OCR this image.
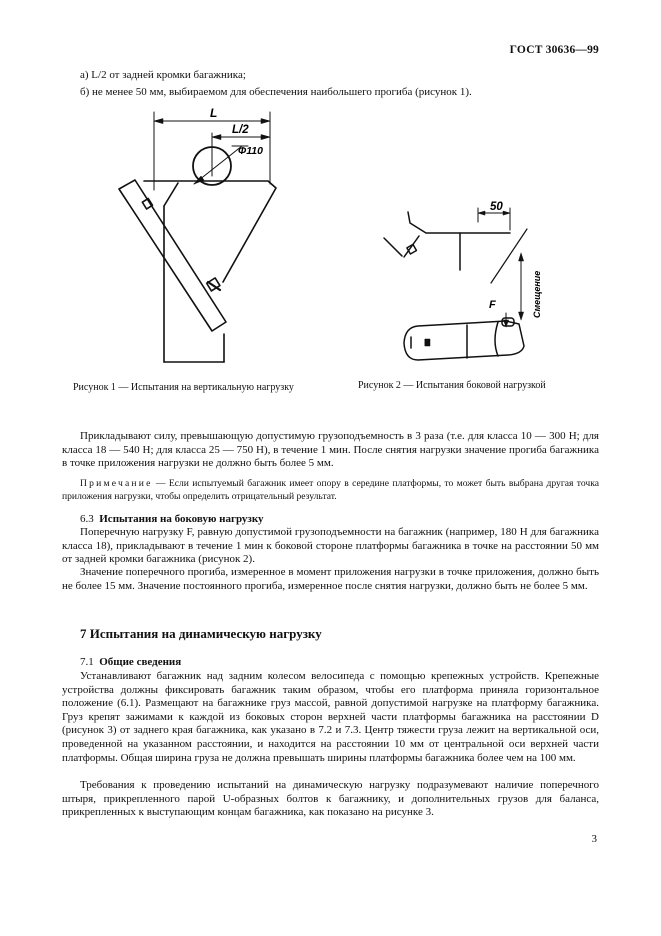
ГОСТ 30636—99
а) L/2 от задней кромки багажника;
б) не менее 50 мм, выбираемом для обеспечения наибольшего прогиба (рисунок 1).
L
L/2
Ф110
50
F	Смещение
Рисунок 1 — Испытания на вертикальную нагрузку	Рисунок 2 — Испытания боковой нагрузкой

Прикладывают силу, превышающую допустимую грузоподъемность в 3 раза (т.е. для класса 10 — 300 Н; для класса 18 — 540 Н; для класса 25 — 750 Н), в течение 1 мин. После снятия нагрузки значение прогиба багажника в точке приложения нагрузки не должно быть более 5 мм.

Примечание — Если испытуемый багажник имеет опору в середине платформы, то может быть выбрана другая точка приложения нагрузки, чтобы определить отрицательный результат.

6.3 Испытания на боковую нагрузку

Поперечную нагрузку F, равную допустимой грузоподъемности на багажник (например, 180 Н для багажника класса 18), прикладывают в течение 1 мин к боковой стороне платформы багажника в точке на расстоянии 50 мм от задней кромки багажника (рисунок 2).

Значение поперечного прогиба, измеренное в момент приложения нагрузки в точке приложения, должно быть не более 15 мм. Значение постоянного прогиба, измеренное после снятия нагрузки, должно быть не более 5 мм.

7 Испытания на динамическую нагрузку
7.1 Общие сведения

Устанавливают багажник над задним колесом велосипеда с помощью крепежных устройств. Крепежные устройства должны фиксировать багажник таким образом, чтобы его платформа приняла горизонтальное положение (6.1). Размещают на багажнике груз массой, равной допустимой нагрузке на платформу багажника. Груз крепят зажимами к каждой из боковых сторон верхней части платформы багажника на расстоянии D (рисунок 3) от заднего края багажника, как указано в 7.2 и 7.3. Центр тяжести груза лежит на вертикальной оси, проведенной на указанном расстоянии, и находится на расстоянии 10 мм от центральной оси верхней части платформы. Общая ширина груза не должна превышать ширины платформы багажника более чем на 100 мм.

Требования к проведению испытаний на динамическую нагрузку подразумевают наличие поперечного штыря, прикрепленного парой U-образных болтов к багажнику, и дополнительных грузов для баланса, прикрепленных к выступающим концам багажника, как показано на рисунке 3.

3
